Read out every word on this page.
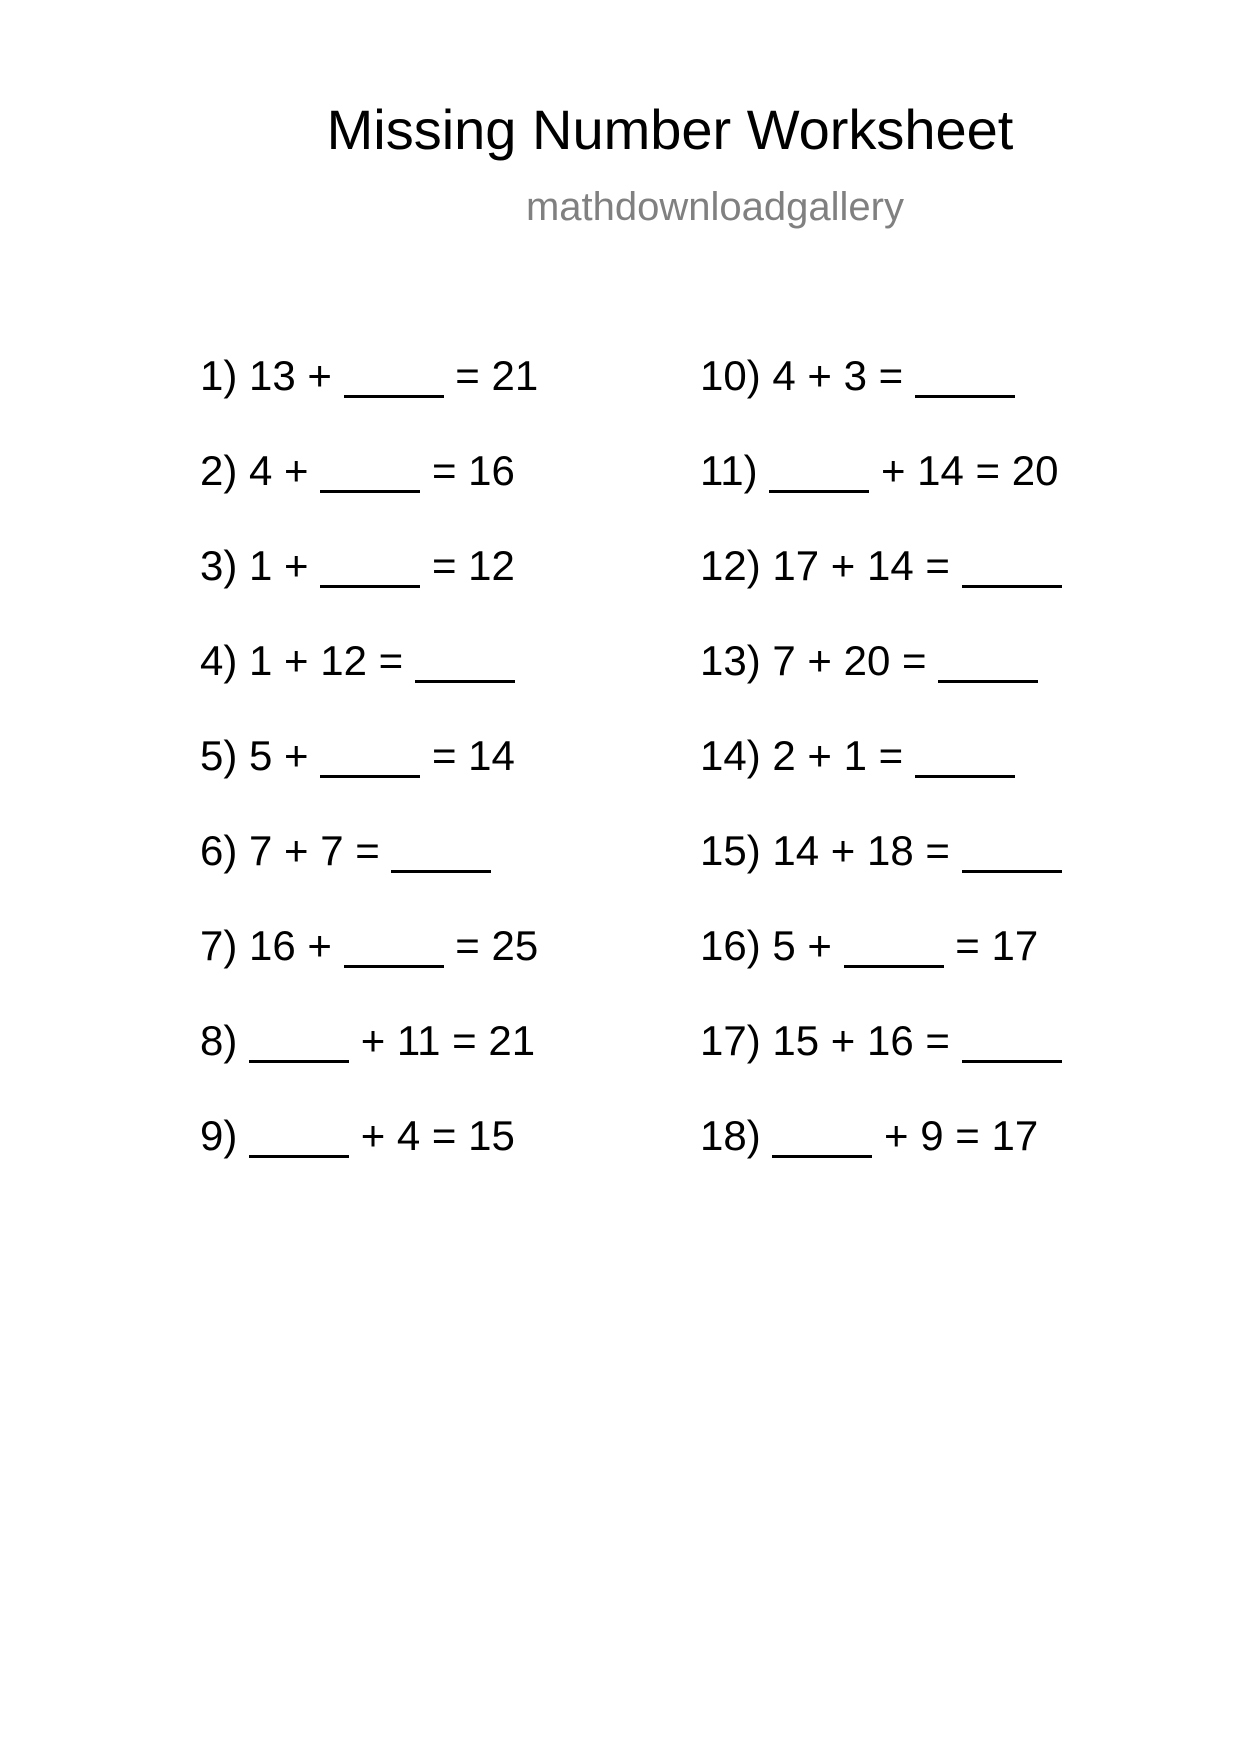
Missing Number Worksheet
mathdownloadgallery
1) 13 +	= 21
2) 4 +	= 16
3) 1 +	= 12
4) 1 + 12 =
5) 5 +	= 14
6) 7 + 7 =
7) 16 +	= 25
8)	+ 11 = 21
9)	+ 4 = 15
10) 4 + 3 =
11)	+ 14 = 20
12) 17 + 14 =
13) 7 + 20 =
14) 2 + 1 =
15) 14 + 18 =
16) 5 +	= 17
17) 15 + 16 =
18)	+ 9 = 17
